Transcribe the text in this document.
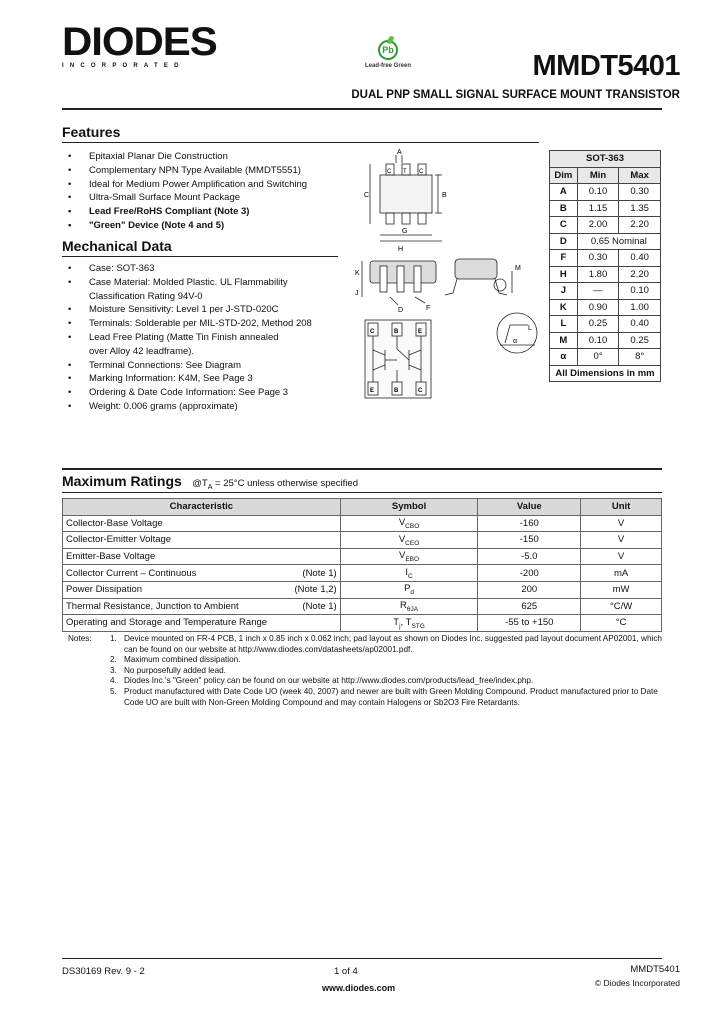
DIODES
INCORPORATED
Pb
Lead-free Green	MMDT5401
DUAL PNP SMALL SIGNAL SURFACE MOUNT TRANSISTOR
Features
• Epitaxial Planar Die Construction
• Complementary NPN Type Available (MMDT5551)
• Ideal for Medium Power Amplification and Switching
• Ultra-Small Surface Mount Package
• Lead Free/RoHS Compliant (Note 3)
• "Green" Device (Note 4 and 5)
Mechanical Data
• Case: SOT-363
• Case Material: Molded Plastic. UL Flammability
Classification Rating 94V-0
• Moisture Sensitivity: Level 1 per J-STD-020C
• Terminals: Solderable per MIL-STD-202, Method 208
• Lead Free Plating (Matte Tin Finish annealed
over Alloy 42 leadframe).
• Terminal Connections: See Diagram
• Marking Information: K4M, See Page 3
• Ordering & Date Code Information: See Page 3
• Weight: 0.006 grams (approximate)
A
B
C
G
H
C T C
K
J
D	F
M
L
α
C	B	E
E	B	C
SOT-363		
Dim	Min	Max
A	0.10	0.30
B	1.15	1.35
C	2.00	2.20
D	0.65 Nominal	
F	0.30	0.40
H	1.80	2.20
J	—	0.10
K	0.90	1.00
L	0.25	0.40
M	0.10	0.25
α	0°	8°
All Dimensions in mm		
Maximum Ratings $@T_A = 25^\circ C$ unless otherwise specified
Characteristic	Symbol	Value	Unit
Collector-Base Voltage	$V_{CBO}$	-160	V
Collector-Emitter Voltage	$V_{CEO}$	-150	V
Emitter-Base Voltage	$V_{EBO}$	-5.0	V
Collector Current – Continuous (Note 1)	$I_C$	-200	mA
Power Dissipation (Note 1,2)	$P_d$	200	mW
Thermal Resistance, Junction to Ambient (Note 1)	$R_{\theta JA}$	625	°C/W
Operating and Storage and Temperature Range	$T_j$, $T_{STG}$	-55 to +150	°C
Notes: 1. Device mounted on FR-4 PCB, 1 inch x 0.85 inch x 0.062 inch; pad layout as shown on Diodes Inc. suggested pad layout document AP02001, which can be found on our website at http://www.diodes.com/datasheets/ap02001.pdf.
2. Maximum combined dissipation.
3. No purposefully added lead.
4. Diodes Inc.'s "Green" policy can be found on our website at http://www.diodes.com/products/lead_free/index.php.
5. Product manufactured with Date Code UO (week 40, 2007) and newer are built with Green Molding Compound. Product manufactured prior to Date Code UO are built with Non-Green Molding Compound and may contain Halogens or Sb2O3 Fire Retardants.
DS30169 Rev. 9 - 2	1 of 4
www.diodes.com
MMDT5401
© Diodes Incorporated
